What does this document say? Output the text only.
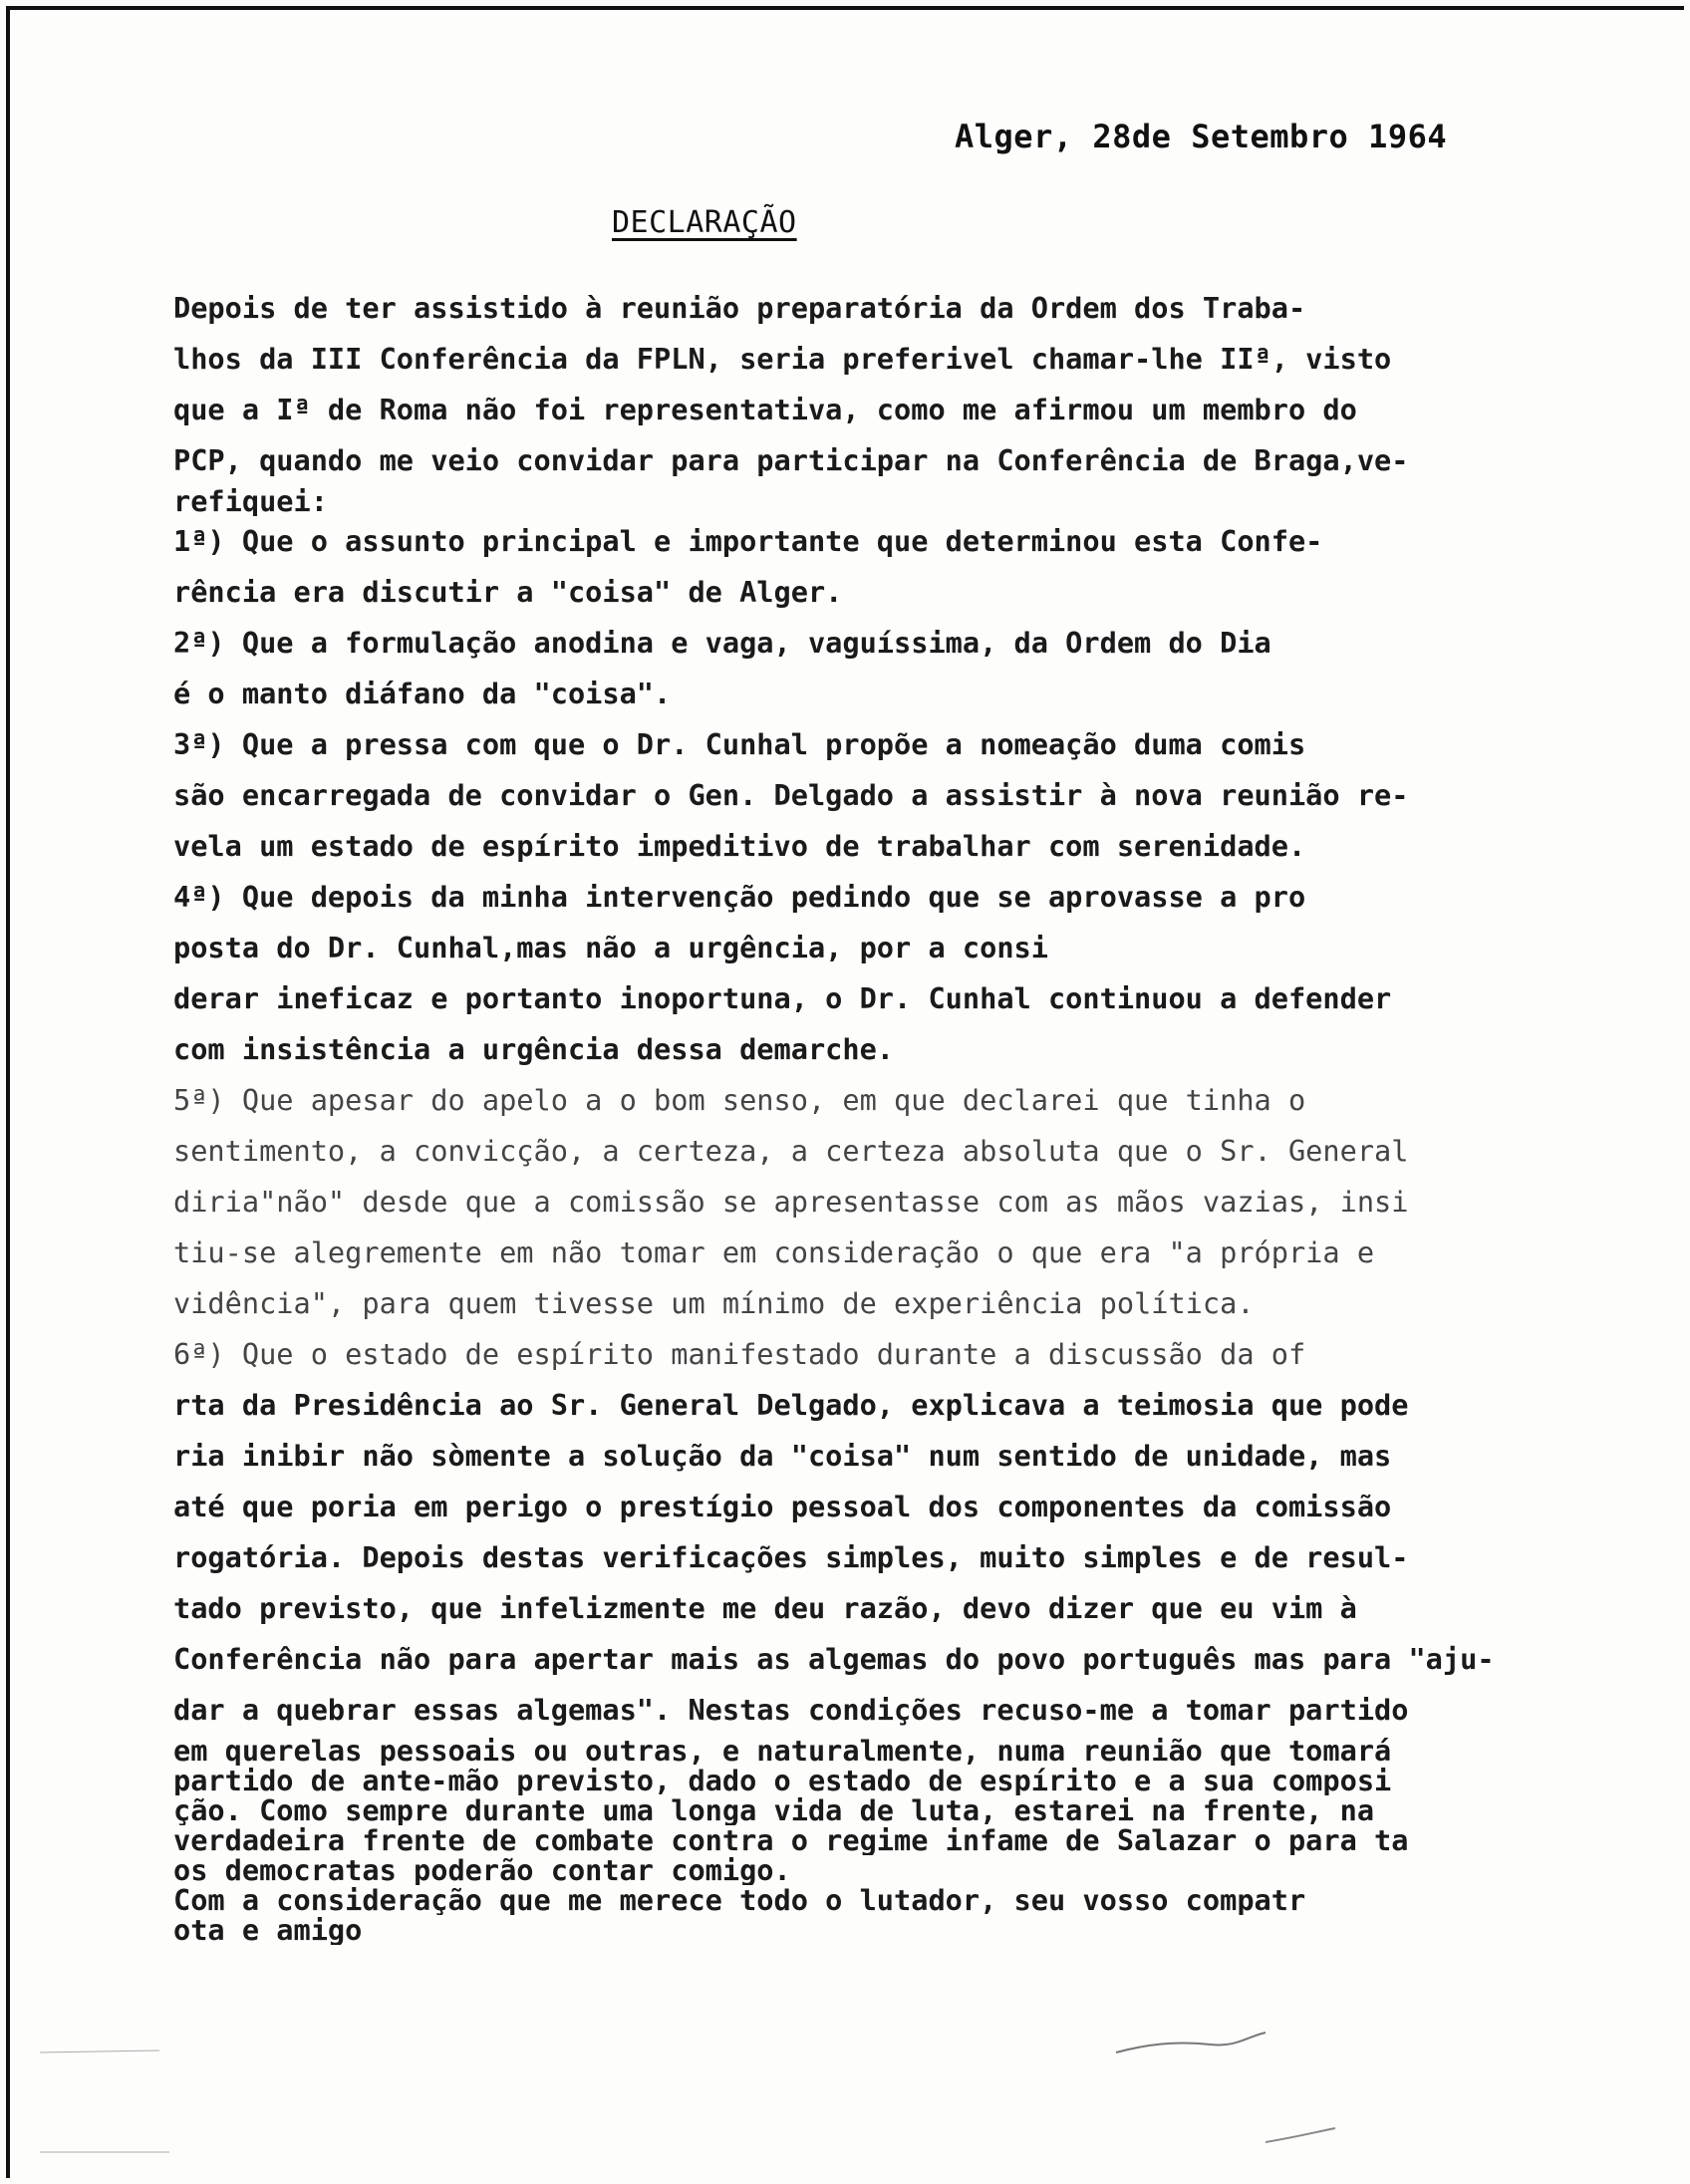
Alger, 28de Setembro 1964
DECLARAÇÃO
Depois de ter assistido à reunião preparatória da Ordem dos Traba-
lhos da III Conferência da FPLN, seria preferivel chamar-lhe IIª, visto
que a Iª de Roma não foi representativa, como me afirmou um membro do
PCP, quando me veio convidar para participar na Conferência de Braga,ve-
refiquei:
1ª) Que o assunto principal e importante que determinou esta Confe-
rência era discutir a "coisa" de Alger.
2ª) Que a formulação anodina e vaga, vaguíssima, da Ordem do Dia
é o manto diáfano da "coisa".
3ª) Que a pressa com que o Dr. Cunhal propõe a nomeação duma comis
são encarregada de convidar o Gen. Delgado a assistir à nova reunião re-
vela um estado de espírito impeditivo de trabalhar com serenidade.
4ª) Que depois da minha intervenção pedindo que se aprovasse a pro
posta do Dr. Cunhal,mas não a urgência, por a consi
derar ineficaz e portanto inoportuna, o Dr. Cunhal continuou a defender
com insistência a urgência dessa demarche.
5ª) Que apesar do apelo a o bom senso, em que declarei que tinha o
sentimento, a convicção, a certeza, a certeza absoluta que o Sr. General
diria"não" desde que a comissão se apresentasse com as mãos vazias, insi
tiu-se alegremente em não tomar em consideração o que era "a própria e
vidência", para quem tivesse um mínimo de experiência política.
6ª) Que o estado de espírito manifestado durante a discussão da of
rta da Presidência ao Sr. General Delgado, explicava a teimosia que pode
ria inibir não sòmente a solução da "coisa" num sentido de unidade, mas
até que poria em perigo o prestígio pessoal dos componentes da comissão
rogatória. Depois destas verificações simples, muito simples e de resul-
tado previsto, que infelizmente me deu razão, devo dizer que eu vim à
Conferência não para apertar mais as algemas do povo português mas para "aju-
dar a quebrar essas algemas". Nestas condições recuso-me a tomar partido
em querelas pessoais ou outras, e naturalmente, numa reunião que tomará
partido de ante-mão previsto, dado o estado de espírito e a sua composi
ção. Como sempre durante uma longa vida de luta, estarei na frente, na
verdadeira frente de combate contra o regime infame de Salazar o para ta
os democratas poderão contar comigo.
Com a consideração que me merece todo o lutador, seu vosso compatr
ota e amigo
